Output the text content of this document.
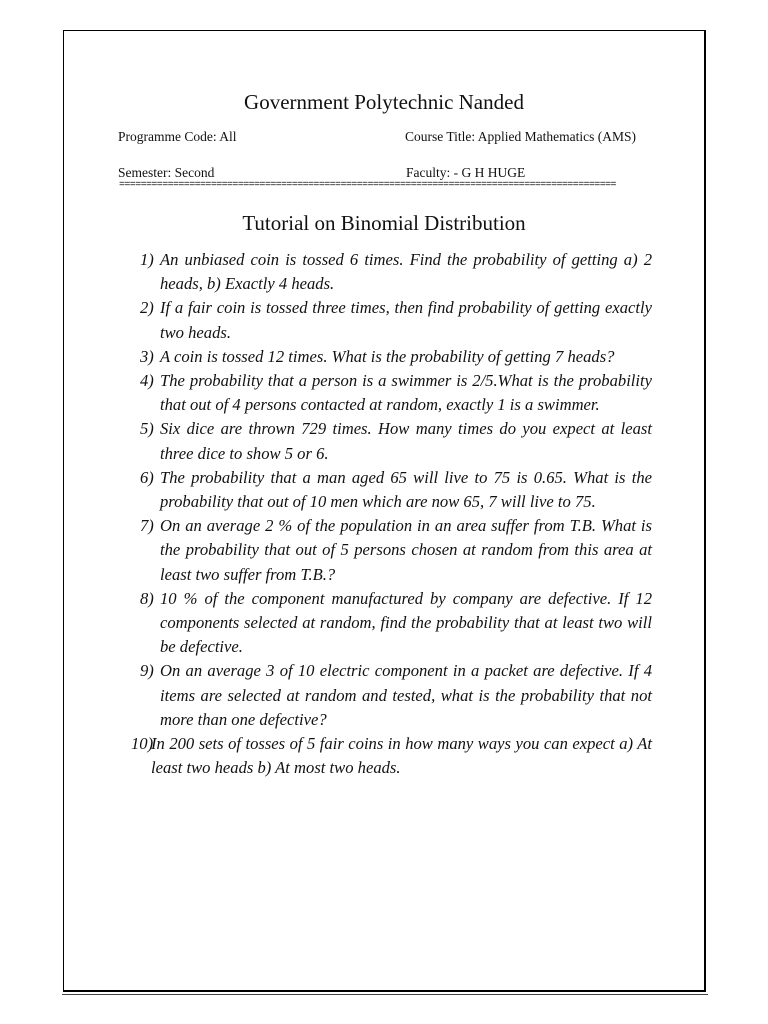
Government Polytechnic Nanded
Programme Code: All	Course Title: Applied Mathematics (AMS)
Semester: Second	Faculty: - G H HUGE
============================================================================================
Tutorial on Binomial Distribution
1) An unbiased coin is tossed 6 times. Find the probability of getting a) 2 heads, b) Exactly 4 heads.
2) If a fair coin is tossed three times, then find probability of getting exactly two heads.
3) A coin is tossed 12 times. What is the probability of getting 7 heads?
4) The probability that a person is a swimmer is 2/5.What is the probability that out of 4 persons contacted at random, exactly 1 is a swimmer.
5) Six dice are thrown 729 times. How many times do you expect at least three dice to show 5 or 6.
6) The probability that a man aged 65 will live to 75 is 0.65. What is the probability that out of 10 men which are now 65, 7 will live to 75.
7) On an average 2 % of the population in an area suffer from T.B. What is the probability that out of 5 persons chosen at random from this area at least two suffer from T.B.?
8) 10 % of the component manufactured by company are defective. If 12 components selected at random, find the probability that at least two will be defective.
9) On an average 3 of 10 electric component in a packet are defective. If 4 items are selected at random and tested, what is the probability that not more than one defective?
10)
In 200 sets of tosses of 5 fair coins in how many ways you can expect a) At least two heads b) At most two heads.
